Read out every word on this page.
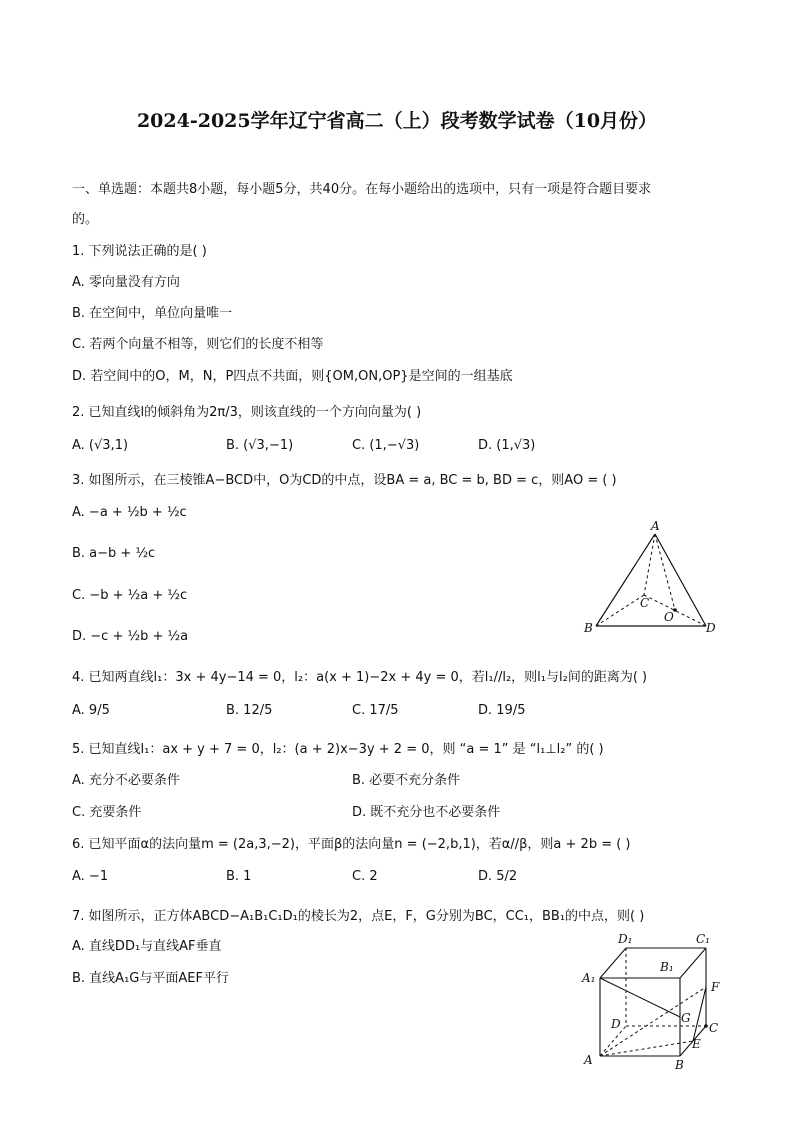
2024-2025学年辽宁省高二（上）段考数学试卷（10月份）
一、单选题：本题共8小题，每小题5分，共40分。在每小题给出的选项中，只有一项是符合题目要求
的。
1. 下列说法正确的是( )
A. 零向量没有方向
B. 在空间中，单位向量唯一
C. 若两个向量不相等，则它们的长度不相等
D. 若空间中的O，M，N，P四点不共面，则{OM,ON,OP}是空间的一组基底
2. 已知直线l的倾斜角为2π/3，则该直线的一个方向向量为( )
A. (√3,1)	B. (√3,−1)	C. (1,−√3)	D. (1,√3)
3. 如图所示，在三棱锥A−BCD中，O为CD的中点，设BA = a, BC = b, BD = c，则AO = ( )
A. −a + ½b + ½c
B. a−b + ½c
C. −b + ½a + ½c
D. −c + ½b + ½a
A
B
C
O
D
4. 已知两直线l₁：3x + 4y−14 = 0，l₂：a(x + 1)−2x + 4y = 0，若l₁//l₂，则l₁与l₂间的距离为( )
A. 9/5	B. 12/5	C. 17/5	D. 19/5
5. 已知直线l₁：ax + y + 7 = 0，l₂：(a + 2)x−3y + 2 = 0，则 “a = 1” 是 “l₁⊥l₂” 的( )
A. 充分不必要条件	B. 必要不充分条件
C. 充要条件	D. 既不充分也不必要条件
6. 已知平面α的法向量m = (2a,3,−2)，平面β的法向量n = (−2,b,1)，若α//β，则a + 2b = ( )
A. −1	B. 1	C. 2	D. 5/2
7. 如图所示，正方体ABCD−A₁B₁C₁D₁的棱长为2，点E，F，G分别为BC，CC₁，BB₁的中点，则( )
A. 直线DD₁与直线AF垂直
B. 直线A₁G与平面AEF平行
D₁	C₁
B₁
A₁
F
D	G
C
E
A	B
